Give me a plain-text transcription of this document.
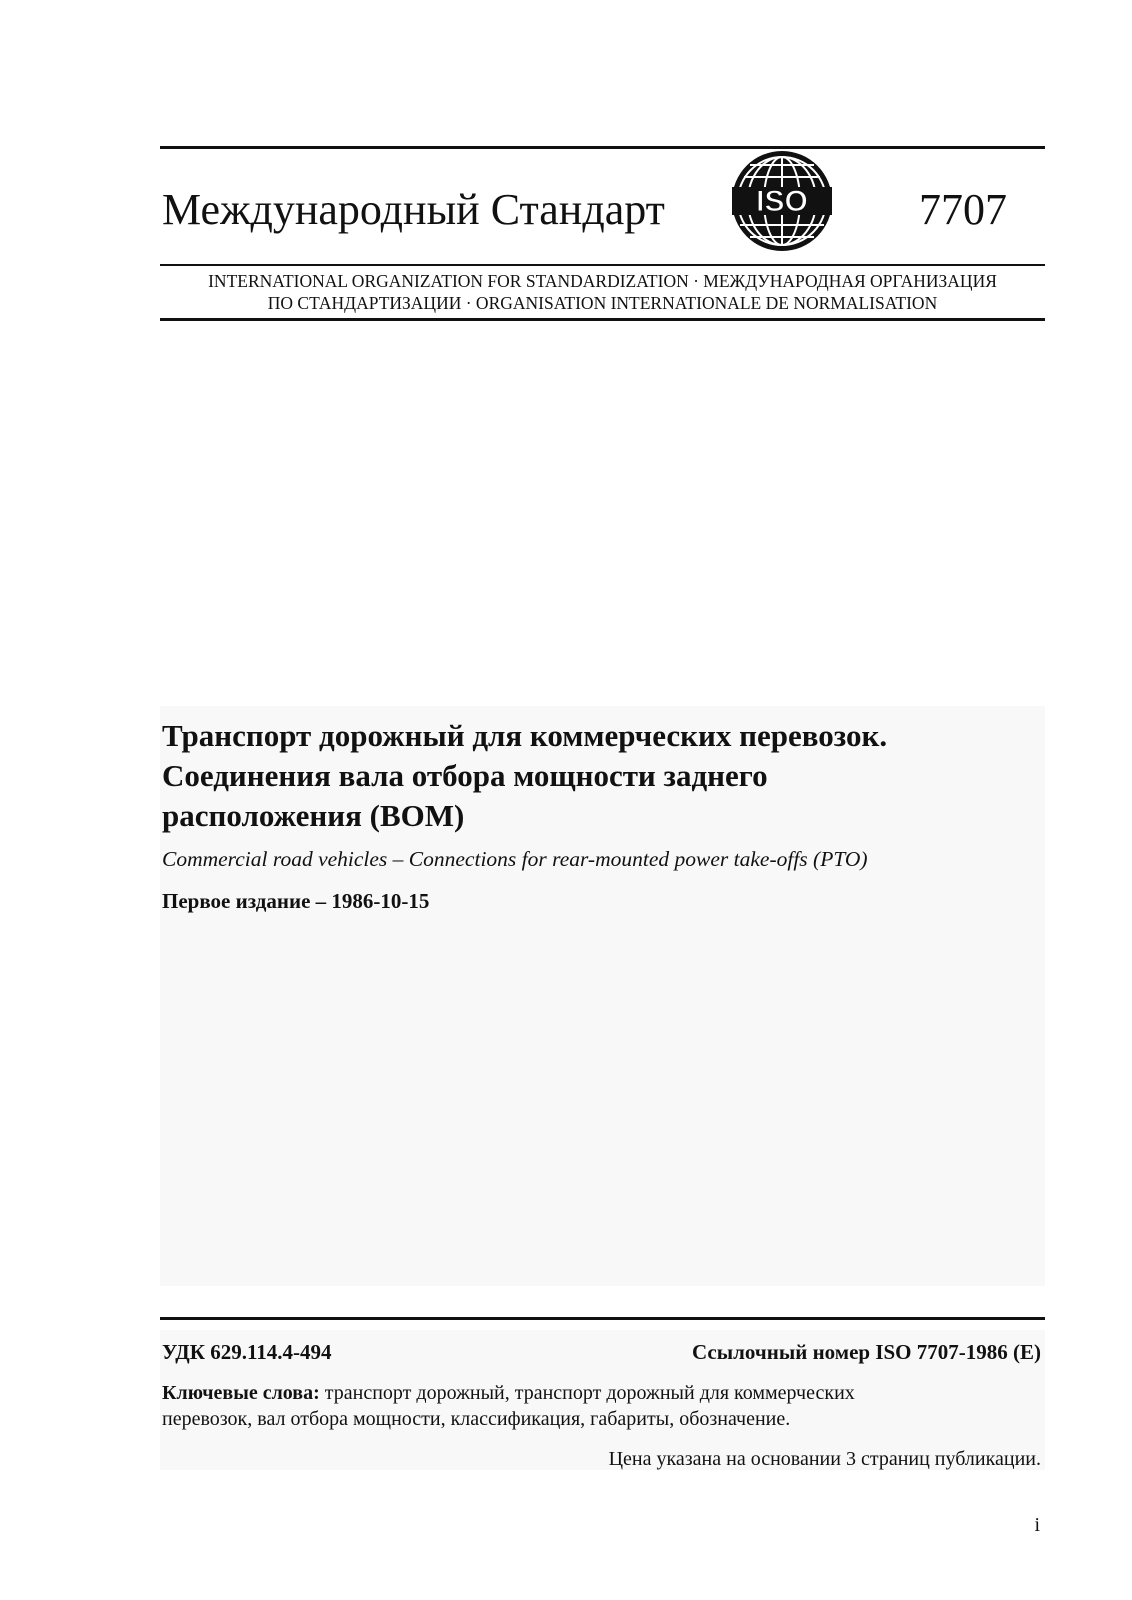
Международный Стандарт	ISO	7707
INTERNATIONAL ORGANIZATION FOR STANDARDIZATION · МЕЖДУНАРОДНАЯ ОРГАНИЗАЦИЯ
ПО СТАНДАРТИЗАЦИИ · ORGANISATION INTERNATIONALE DE NORMALISATION
Транспорт дорожный для коммерческих перевозок.
Соединения вала отбора мощности заднего
расположения (ВОМ)
Commercial road vehicles – Connections for rear-mounted power take-offs (PTO)
Первое издание – 1986-10-15
УДК 629.114.4-494	Ссылочный номер ISO 7707-1986 (E)
Ключевые слова: транспорт дорожный, транспорт дорожный для коммерческих
перевозок, вал отбора мощности, классификация, габариты, обозначение.
Цена указана на основании 3 страниц публикации.
i
